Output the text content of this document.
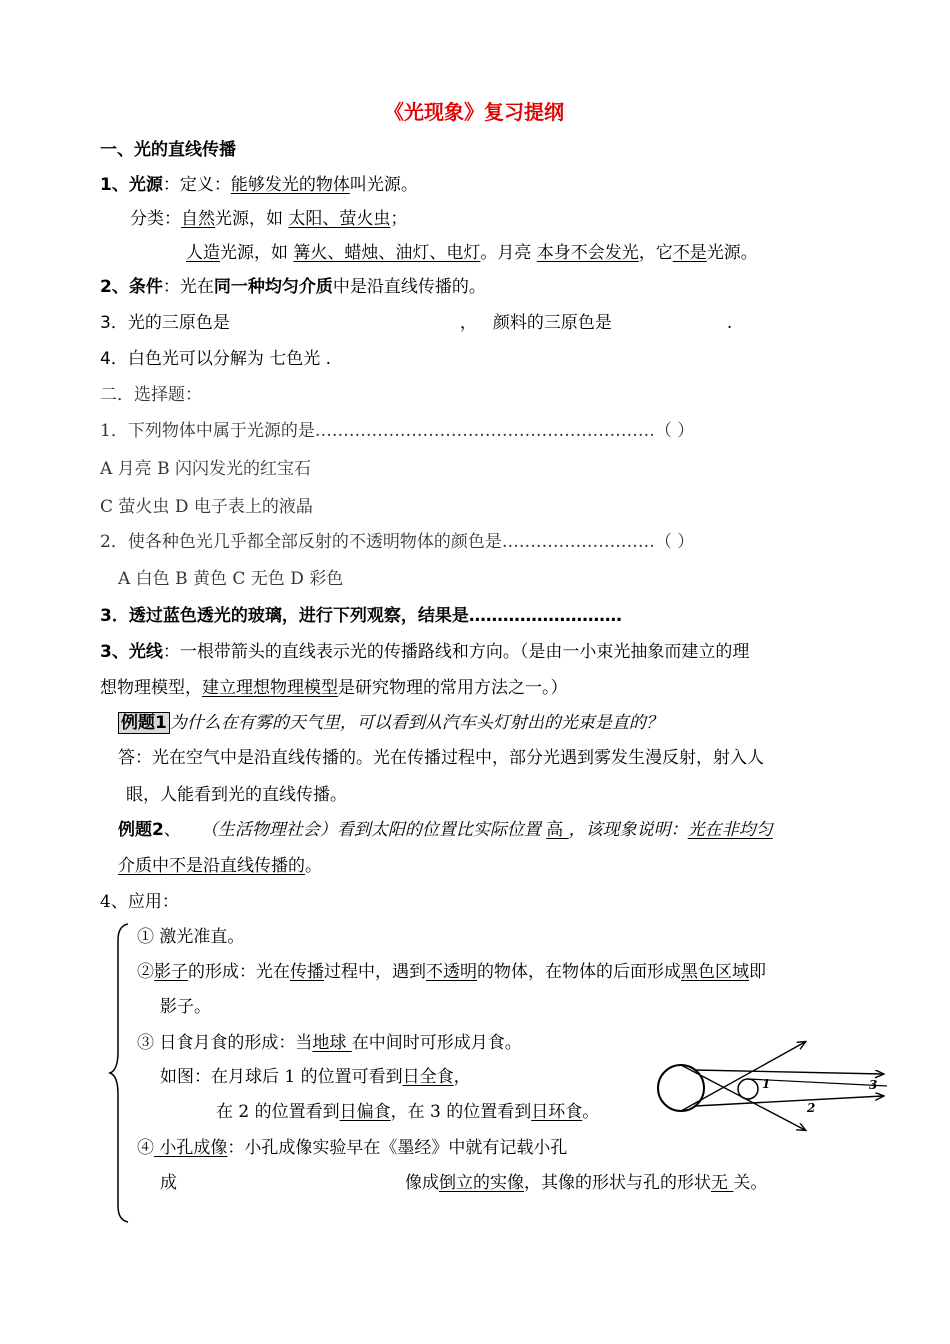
《光现象》复习提纲
一、光的直线传播
1、光源：定义：能够发光的物体叫光源。
分类：自然光源，如 太阳、萤火虫；
人造光源，如 篝火、蜡烛、油灯、电灯。月亮 本身不会发光，它不是光源。
2、条件：光在同一种均匀介质中是沿直线传播的。
3．光的三原色是	， 颜料的三原色是	.
4．白色光可以分解为 七色光 .
二．选择题：
1．下列物体中属于光源的是……………………………………………………（ ）
A 月亮 B 闪闪发光的红宝石
C 萤火虫 D 电子表上的液晶
2．使各种色光几乎都全部反射的不透明物体的颜色是………………………（ ）
A 白色 B 黄色 C 无色 D 彩色
3．透过蓝色透光的玻璃，进行下列观察，结果是………………………
3、光线：一根带箭头的直线表示光的传播路线和方向。（是由一小束光抽象而建立的理
想物理模型，建立理想物理模型是研究物理的常用方法之一。）
例题1 为什么在有雾的天气里，可以看到从汽车头灯射出的光束是直的？
答：光在空气中是沿直线传播的。光在传播过程中，部分光遇到雾发生漫反射，射入人
眼，人能看到光的直线传播。
例题2、 （生活物理社会）看到太阳的位置比实际位置 高 ，该现象说明：光在非均匀
介质中不是沿直线传播的。
4、应用：
① 激光准直。
②影子的形成：光在传播过程中，遇到不透明的物体，在物体的后面形成黑色区域即
影子。
③ 日食月食的形成：当地球 在中间时可形成月食。
如图：在月球后 1 的位置可看到日全食，
在 2 的位置看到日偏食，在 3 的位置看到日环食。
④ 小孔成像：小孔成像实验早在《墨经》中就有记载小孔
成	像成倒立的实像，其像的形状与孔的形状无 关。
1
2
3
